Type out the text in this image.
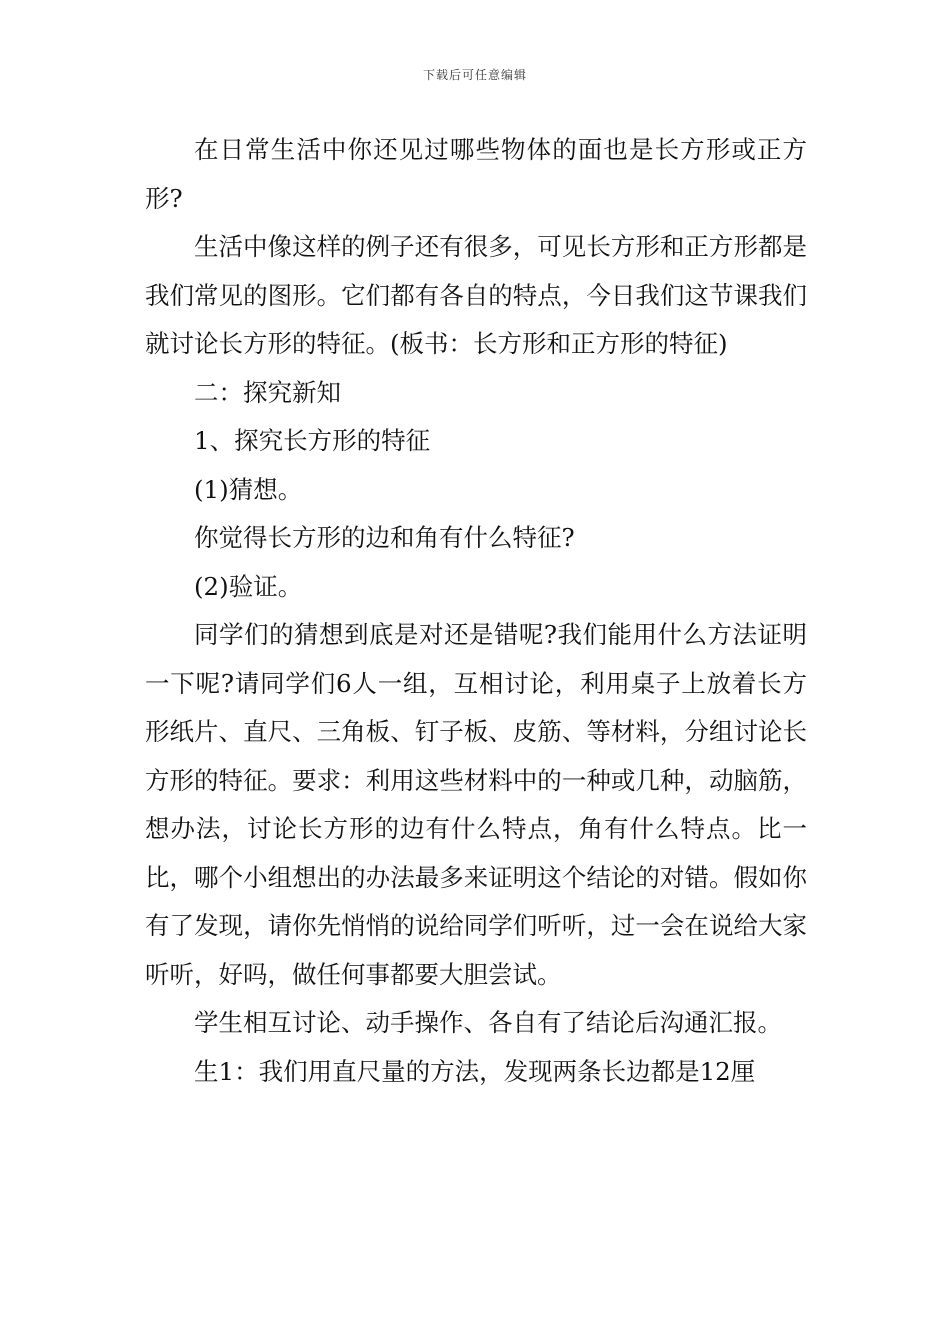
下载后可任意编辑

在日常生活中你还见过哪些物体的面也是长方形或正方形?

生活中像这样的例子还有很多，可见长方形和正方形都是我们常见的图形。它们都有各自的特点，今日我们这节课我们就讨论长方形的特征。(板书：长方形和正方形的特征)

二：探究新知

1、探究长方形的特征

(1)猜想。

你觉得长方形的边和角有什么特征?

(2)验证。

同学们的猜想到底是对还是错呢?我们能用什么方法证明一下呢?请同学们6人一组，互相讨论，利用桌子上放着长方形纸片、直尺、三角板、钉子板、皮筋、等材料，分组讨论长方形的特征。要求：利用这些材料中的一种或几种，动脑筋，想办法，讨论长方形的边有什么特点，角有什么特点。比一比，哪个小组想出的办法最多来证明这个结论的对错。假如你有了发现，请你先悄悄的说给同学们听听，过一会在说给大家听听，好吗，做任何事都要大胆尝试。

学生相互讨论、动手操作、各自有了结论后沟通汇报。

生1：我们用直尺量的方法，发现两条长边都是12厘
